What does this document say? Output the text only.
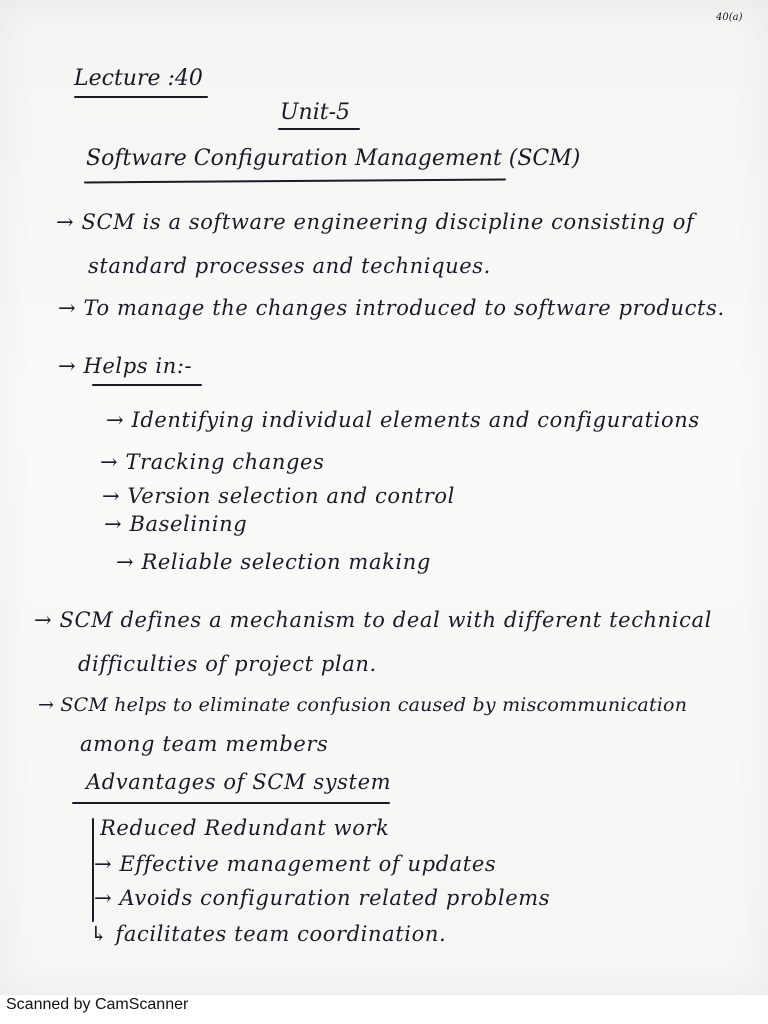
40(a)
Lecture :40
Unit-5
Software Configuration Management (SCM)
→ SCM is a software engineering discipline consisting of
standard processes and techniques.
→ To manage the changes introduced to software products.
→ Helps in:-
→ Identifying individual elements and configurations
→ Tracking changes
→ Version selection and control
→ Baselining
→ Reliable selection making
→ SCM defines a mechanism to deal with different technical
difficulties of project plan.
→ SCM helps to eliminate confusion caused by miscommunication
among team members
Advantages of SCM system
Reduced Redundant work
→ Effective management of updates
→ Avoids configuration related problems
↳ facilitates team coordination.
Scanned by CamScanner
